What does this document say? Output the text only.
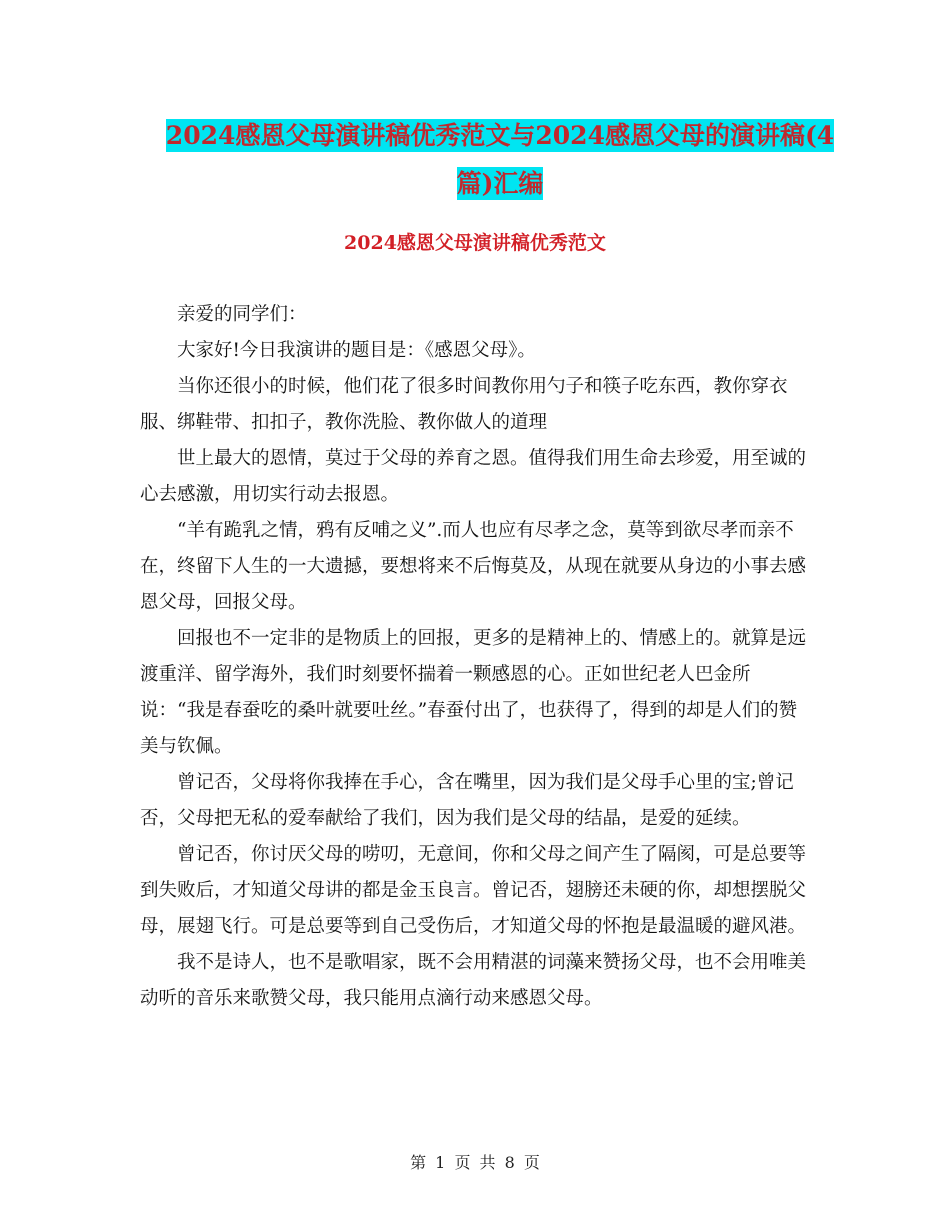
2024感恩父母演讲稿优秀范文与2024感恩父母的演讲稿(4篇)汇编
2024感恩父母演讲稿优秀范文

亲爱的同学们：

大家好!今日我演讲的题目是：《感恩父母》。

当你还很小的时候，他们花了很多时间教你用勺子和筷子吃东西，教你穿衣服、绑鞋带、扣扣子，教你洗脸、教你做人的道理

世上最大的恩情，莫过于父母的养育之恩。值得我们用生命去珍爱，用至诚的心去感激，用切实行动去报恩。

“羊有跪乳之情，鸦有反哺之义”.而人也应有尽孝之念，莫等到欲尽孝而亲不在，终留下人生的一大遗撼，要想将来不后悔莫及，从现在就要从身边的小事去感恩父母，回报父母。

回报也不一定非的是物质上的回报，更多的是精神上的、情感上的。就算是远渡重洋、留学海外，我们时刻要怀揣着一颗感恩的心。正如世纪老人巴金所说：“我是春蚕吃的桑叶就要吐丝。”春蚕付出了，也获得了，得到的却是人们的赞美与钦佩。

曾记否，父母将你我捧在手心，含在嘴里，因为我们是父母手心里的宝;曾记否，父母把无私的爱奉献给了我们，因为我们是父母的结晶，是爱的延续。

曾记否，你讨厌父母的唠叨，无意间，你和父母之间产生了隔阂，可是总要等到失败后，才知道父母讲的都是金玉良言。曾记否，翅膀还未硬的你，却想摆脱父母，展翅飞行。可是总要等到自己受伤后，才知道父母的怀抱是最温暖的避风港。

我不是诗人，也不是歌唱家，既不会用精湛的词藻来赞扬父母，也不会用唯美动听的音乐来歌赞父母，我只能用点滴行动来感恩父母。

第 1 页 共 8 页
